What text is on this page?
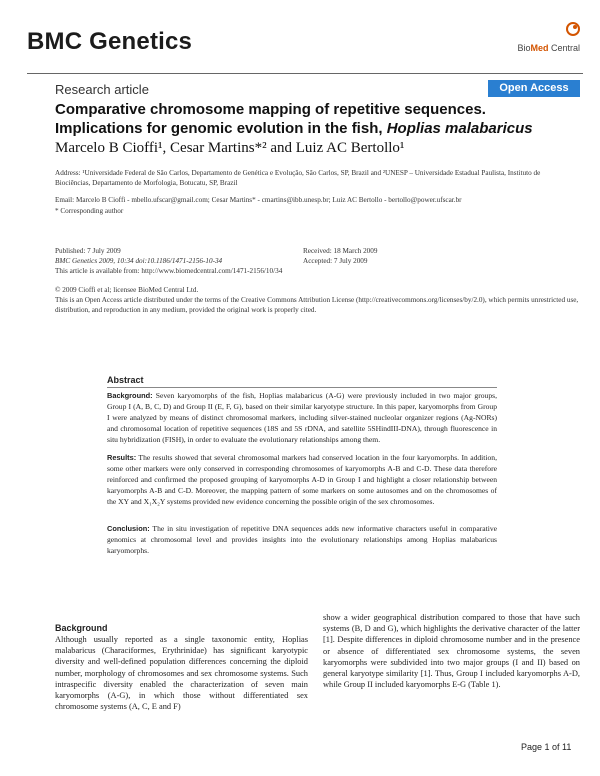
BMC Genetics	BioMed Central
Research article	Open Access
Comparative chromosome mapping of repetitive sequences.
Implications for genomic evolution in the fish, Hoplias malabaricus
Marcelo B Cioffi¹, Cesar Martins*² and Luiz AC Bertollo¹
Address: ¹Universidade Federal de São Carlos, Departamento de Genética e Evolução, São Carlos, SP, Brazil and ²UNESP – Universidade Estadual Paulista, Instituto de Biociências, Departamento de Morfologia, Botucatu, SP, Brazil
Email: Marcelo B Cioffi - mbello.ufscar@gmail.com; Cesar Martins* - cmartins@ibb.unesp.br; Luiz AC Bertollo - bertollo@power.ufscar.br
* Corresponding author
Published: 7 July 2009
BMC Genetics 2009, 10:34 doi:10.1186/1471-2156-10-34
Received: 18 March 2009
Accepted: 7 July 2009
This article is available from: http://www.biomedcentral.com/1471-2156/10/34
© 2009 Cioffi et al; licensee BioMed Central Ltd.
This is an Open Access article distributed under the terms of the Creative Commons Attribution License (http://creativecommons.org/licenses/by/2.0), which permits unrestricted use, distribution, and reproduction in any medium, provided the original work is properly cited.
Abstract
Background: Seven karyomorphs of the fish, Hoplias malabaricus (A-G) were previously included in two major groups, Group I (A, B, C, D) and Group II (E, F, G), based on their similar karyotype structure. In this paper, karyomorphs from Group I were analyzed by means of distinct chromosomal markers, including silver-stained nucleolar organizer regions (Ag-NORs) and chromosomal location of repetitive sequences (18S and 5S rDNA, and satellite 5SHindIII-DNA), through fluorescence in situ hybridization (FISH), in order to evaluate the evolutionary relationships among them.
Results: The results showed that several chromosomal markers had conserved location in the four karyomorphs. In addition, some other markers were only conserved in corresponding chromosomes of karyomorphs A-B and C-D. These data therefore reinforced and confirmed the proposed grouping of karyomorphs A-D in Group I and highlight a closer relationship between karyomorphs A-B and C-D. Moreover, the mapping pattern of some markers on some autosomes and on the chromosomes of the XY and X₁X₂Y systems provided new evidence concerning the possible origin of the sex chromosomes.
Conclusion: The in situ investigation of repetitive DNA sequences adds new informative characters useful in comparative genomics at chromosomal level and provides insights into the evolutionary relationships among Hoplias malabaricus karyomorphs.
Background
Although usually reported as a single taxonomic entity, Hoplias malabaricus (Characiformes, Erythrinidae) has significant karyotypic diversity and well-defined population differences concerning the diploid number, morphology of chromosomes and sex chromosome systems. Such intraspecific diversity enabled the characterization of seven main karyomorphs (A-G), in which those without differentiated sex chromosome systems (A, C, E and F)
show a wider geographical distribution compared to those that have such systems (B, D and G), which highlights the derivative character of the latter [1]. Despite differences in diploid chromosome number and in the presence or absence of differentiated sex chromosome systems, the seven karyomorphs were subdivided into two major groups (I and II) based on general karyotype similarity [1]. Thus, Group I included karyomorphs A-D, while Group II included karyomorphs E-G (Table 1).
Page 1 of 11
